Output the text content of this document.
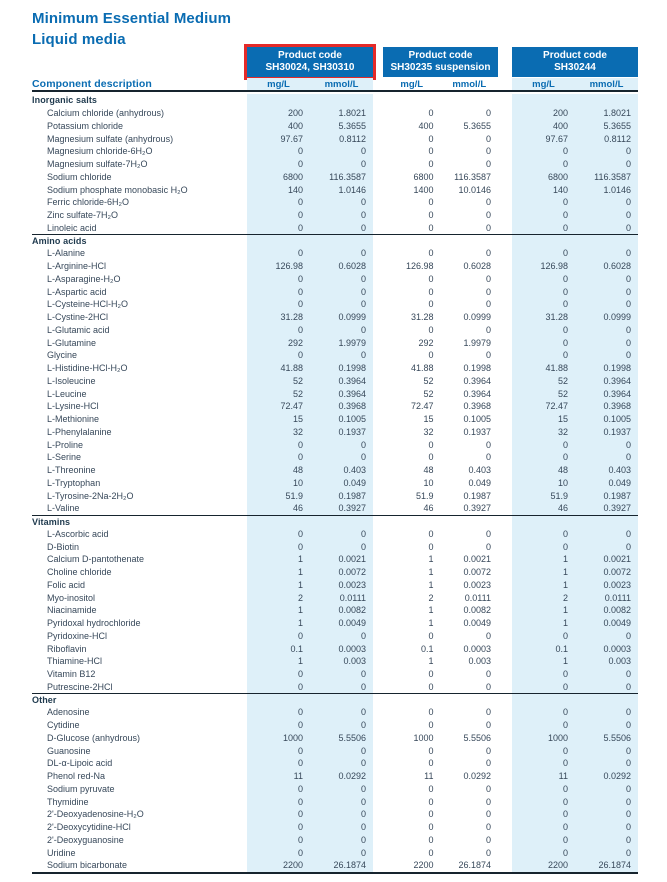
Minimum Essential Medium
Liquid media
Product code
SH30024, SH30310
Product code
SH30235 suspension
Product code
SH30244
Component description	mg/L	mmol/L	mg/L	mmol/L	mg/L	mmol/L
Inorganic salts
Calcium chloride (anhydrous)	200	1.8021	0	0	200	1.8021
Potassium chloride	400	5.3655	400	5.3655	400	5.3655
Magnesium sulfate (anhydrous)	97.67	0.8112	0	0	97.67	0.8112
Magnesium chloride-6H₂O	0	0	0	0	0	0
Magnesium sulfate-7H₂O	0	0	0	0	0	0
Sodium chloride	6800	116.3587	6800	116.3587	6800	116.3587
Sodium phosphate monobasic H₂O	140	1.0146	1400	10.0146	140	1.0146
Ferric chloride-6H₂O	0	0	0	0	0	0
Zinc sulfate-7H₂O	0	0	0	0	0	0
Linoleic acid	0	0	0	0	0	0
Amino acids
L-Alanine	0	0	0	0	0	0
L-Arginine-HCl	126.98	0.6028	126.98	0.6028	126.98	0.6028
L-Asparagine-H₂O	0	0	0	0	0	0
L-Aspartic acid	0	0	0	0	0	0
L-Cysteine-HCl-H₂O	0	0	0	0	0	0
L-Cystine-2HCl	31.28	0.0999	31.28	0.0999	31.28	0.0999
L-Glutamic acid	0	0	0	0	0	0
L-Glutamine	292	1.9979	292	1.9979	0	0
Glycine	0	0	0	0	0	0
L-Histidine-HCl-H₂O	41.88	0.1998	41.88	0.1998	41.88	0.1998
L-Isoleucine	52	0.3964	52	0.3964	52	0.3964
L-Leucine	52	0.3964	52	0.3964	52	0.3964
L-Lysine-HCl	72.47	0.3968	72.47	0.3968	72.47	0.3968
L-Methionine	15	0.1005	15	0.1005	15	0.1005
L-Phenylalanine	32	0.1937	32	0.1937	32	0.1937
L-Proline	0	0	0	0	0	0
L-Serine	0	0	0	0	0	0
L-Threonine	48	0.403	48	0.403	48	0.403
L-Tryptophan	10	0.049	10	0.049	10	0.049
L-Tyrosine-2Na-2H₂O	51.9	0.1987	51.9	0.1987	51.9	0.1987
L-Valine	46	0.3927	46	0.3927	46	0.3927
Vitamins
L-Ascorbic acid	0	0	0	0	0	0
D-Biotin	0	0	0	0	0	0
Calcium D-pantothenate	1	0.0021	1	0.0021	1	0.0021
Choline chloride	1	0.0072	1	0.0072	1	0.0072
Folic acid	1	0.0023	1	0.0023	1	0.0023
Myo-inositol	2	0.0111	2	0.0111	2	0.0111
Niacinamide	1	0.0082	1	0.0082	1	0.0082
Pyridoxal hydrochloride	1	0.0049	1	0.0049	1	0.0049
Pyridoxine-HCl	0	0	0	0	0	0
Riboflavin	0.1	0.0003	0.1	0.0003	0.1	0.0003
Thiamine-HCl	1	0.003	1	0.003	1	0.003
Vitamin B12	0	0	0	0	0	0
Putrescine-2HCl	0	0	0	0	0	0
Other
Adenosine	0	0	0	0	0	0
Cytidine	0	0	0	0	0	0
D-Glucose (anhydrous)	1000	5.5506	1000	5.5506	1000	5.5506
Guanosine	0	0	0	0	0	0
DL-α-Lipoic acid	0	0	0	0	0	0
Phenol red-Na	11	0.0292	11	0.0292	11	0.0292
Sodium pyruvate	0	0	0	0	0	0
Thymidine	0	0	0	0	0	0
2'-Deoxyadenosine-H₂O	0	0	0	0	0	0
2'-Deoxycytidine-HCl	0	0	0	0	0	0
2'-Deoxyguanosine	0	0	0	0	0	0
Uridine	0	0	0	0	0	0
Sodium bicarbonate	2200	26.1874	2200	26.1874	2200	26.1874
